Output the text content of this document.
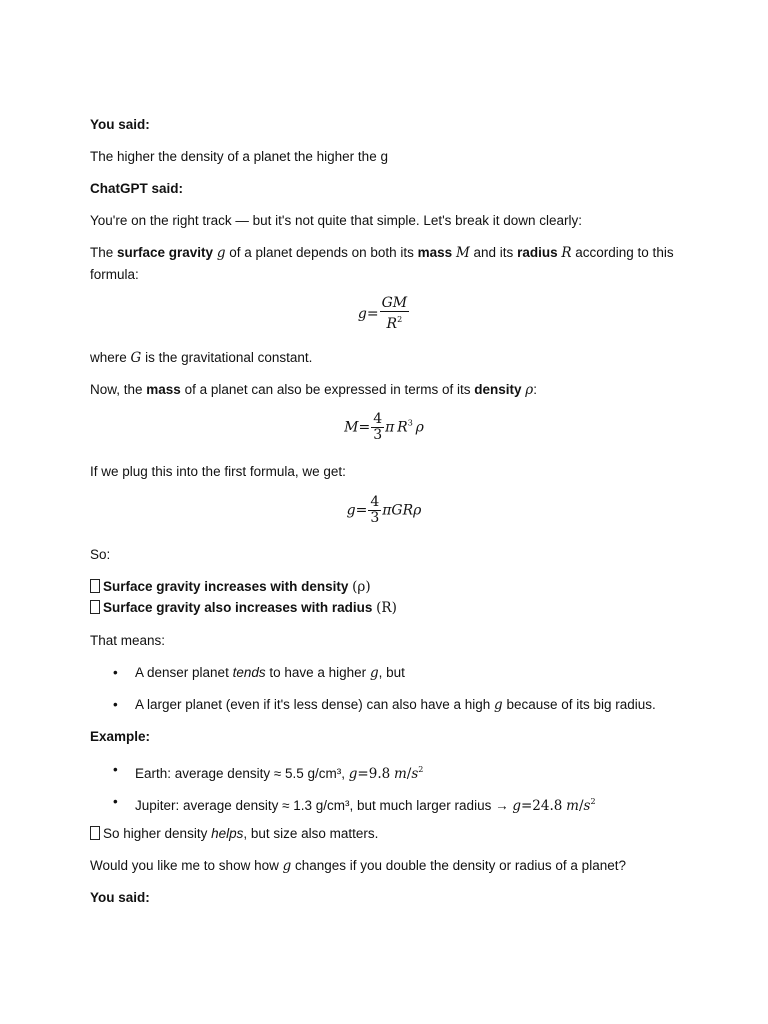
You said:
The higher the density of a planet the higher the g
ChatGPT said:
You're on the right track — but it's not quite that simple. Let's break it down clearly:
The surface gravity g of a planet depends on both its mass M and its radius R according to this
formula:
$g= \frac{GM}{R^2}$
where G is the gravitational constant.
Now, the mass of a planet can also be expressed in terms of its density ρ:
$M= \frac{4}{3}$ π  $R^3$  ρ
If we plug this into the first formula, we get:
$g= \frac{4}{3}$ πGRρ
So:
Surface gravity increases with density (ρ)
Surface gravity also increases with radius (R)
That means:
• A denser planet tends to have a higher g, but
• A larger planet (even if it's less dense) can also have a high g because of its big radius.
Example:
• Earth: average density ≈ 5.5 g/cm³, g=9.8 $m/s^2$
• Jupiter: average density ≈ 1.3 g/cm³, but much larger radius → g=24.8 $m/s^2$
So higher density helps, but size also matters.
Would you like me to show how g changes if you double the density or radius of a planet?
You said:
